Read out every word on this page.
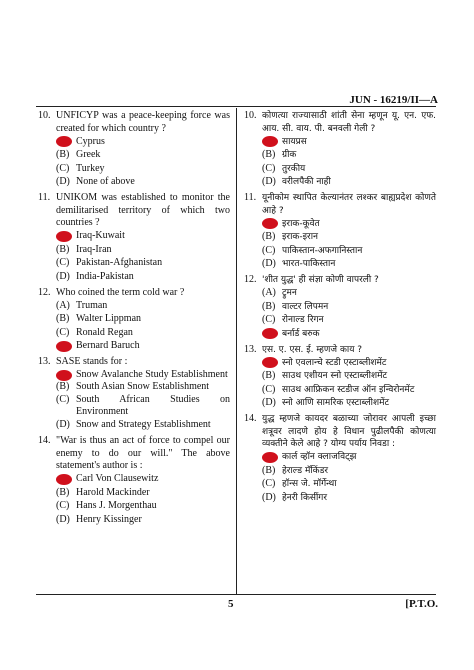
JUN - 16219/II—A
10. UNFICYP was a peace-keeping force was created for which country ?
Cyprus
(B) Greek
(C) Turkey
(D) None of above
11. UNIKOM was established to monitor the demilitarised territory of which two countries ?
Iraq-Kuwait
(B) Iraq-Iran
(C) Pakistan-Afghanistan
(D) India-Pakistan
12. Who coined the term cold war ?
(A) Truman
(B) Walter Lippman
(C) Ronald Regan
Bernard Baruch
13. SASE stands for :
Snow Avalanche Study Establishment
(B) South Asian Snow Establishment
(C) South African Studies on Environment
(D) Snow and Strategy Establishment
14. "War is thus an act of force to compel our enemy to do our will." The above statement's author is :
Carl Von Clausewitz
(B) Harold Mackinder
(C) Hans J. Morgenthau
(D) Henry Kissinger
10. कोणत्या राज्यासाठी शांती सेना म्हणून यू. एन. एफ. आय. सी. वाय. पी. बनवली गेली ?
सायप्रस
(B) ग्रीक
(C) तुरकीय
(D) वरीलपैकी नाही
11. यूनीकोम स्थापित केल्यानंतर लश्कर बाह्यप्रदेश कोणते आहे ?
इराक-कूवेत
(B) इराक-इरान
(C) पाकिस्तान-अफगानिस्तान
(D) भारत-पाकिस्तान
12. 'शीत युद्ध' ही संज्ञा कोणी वापरली ?
(A) ट्रुमन
(B) वाल्टर लिपमन
(C) रोनाल्ड रिगन
बर्नार्ड बरुक
13. एस. ए. एस. ई. म्हणजे काय ?
स्नो एवलान्चे स्टडी एस्टाब्लीशमेंट
(B) साउथ एशीयन स्नो एस्टाब्लीशमेंट
(C) साउथ आफ्रिकन स्टडीज ऑन इन्विरोनमेंट
(D) स्नो आणि सामरिक एस्टाब्लीशमेंट
14. युद्ध म्हणजे कायदर बळाच्या जोरावर आपली इच्छा शत्रूवर लादणे होय हे विधान पुढीलपैकी कोणत्या व्यक्तीने केले आहे ? योग्य पर्याय निवडा :
कार्ल व्हॉन क्लाजविट्झ
(B) हेराल्ड मॅकिंडर
(C) हॉन्स जे. मॉर्गेन्था
(D) हेनरी किसींगर
5	[P.T.O.
